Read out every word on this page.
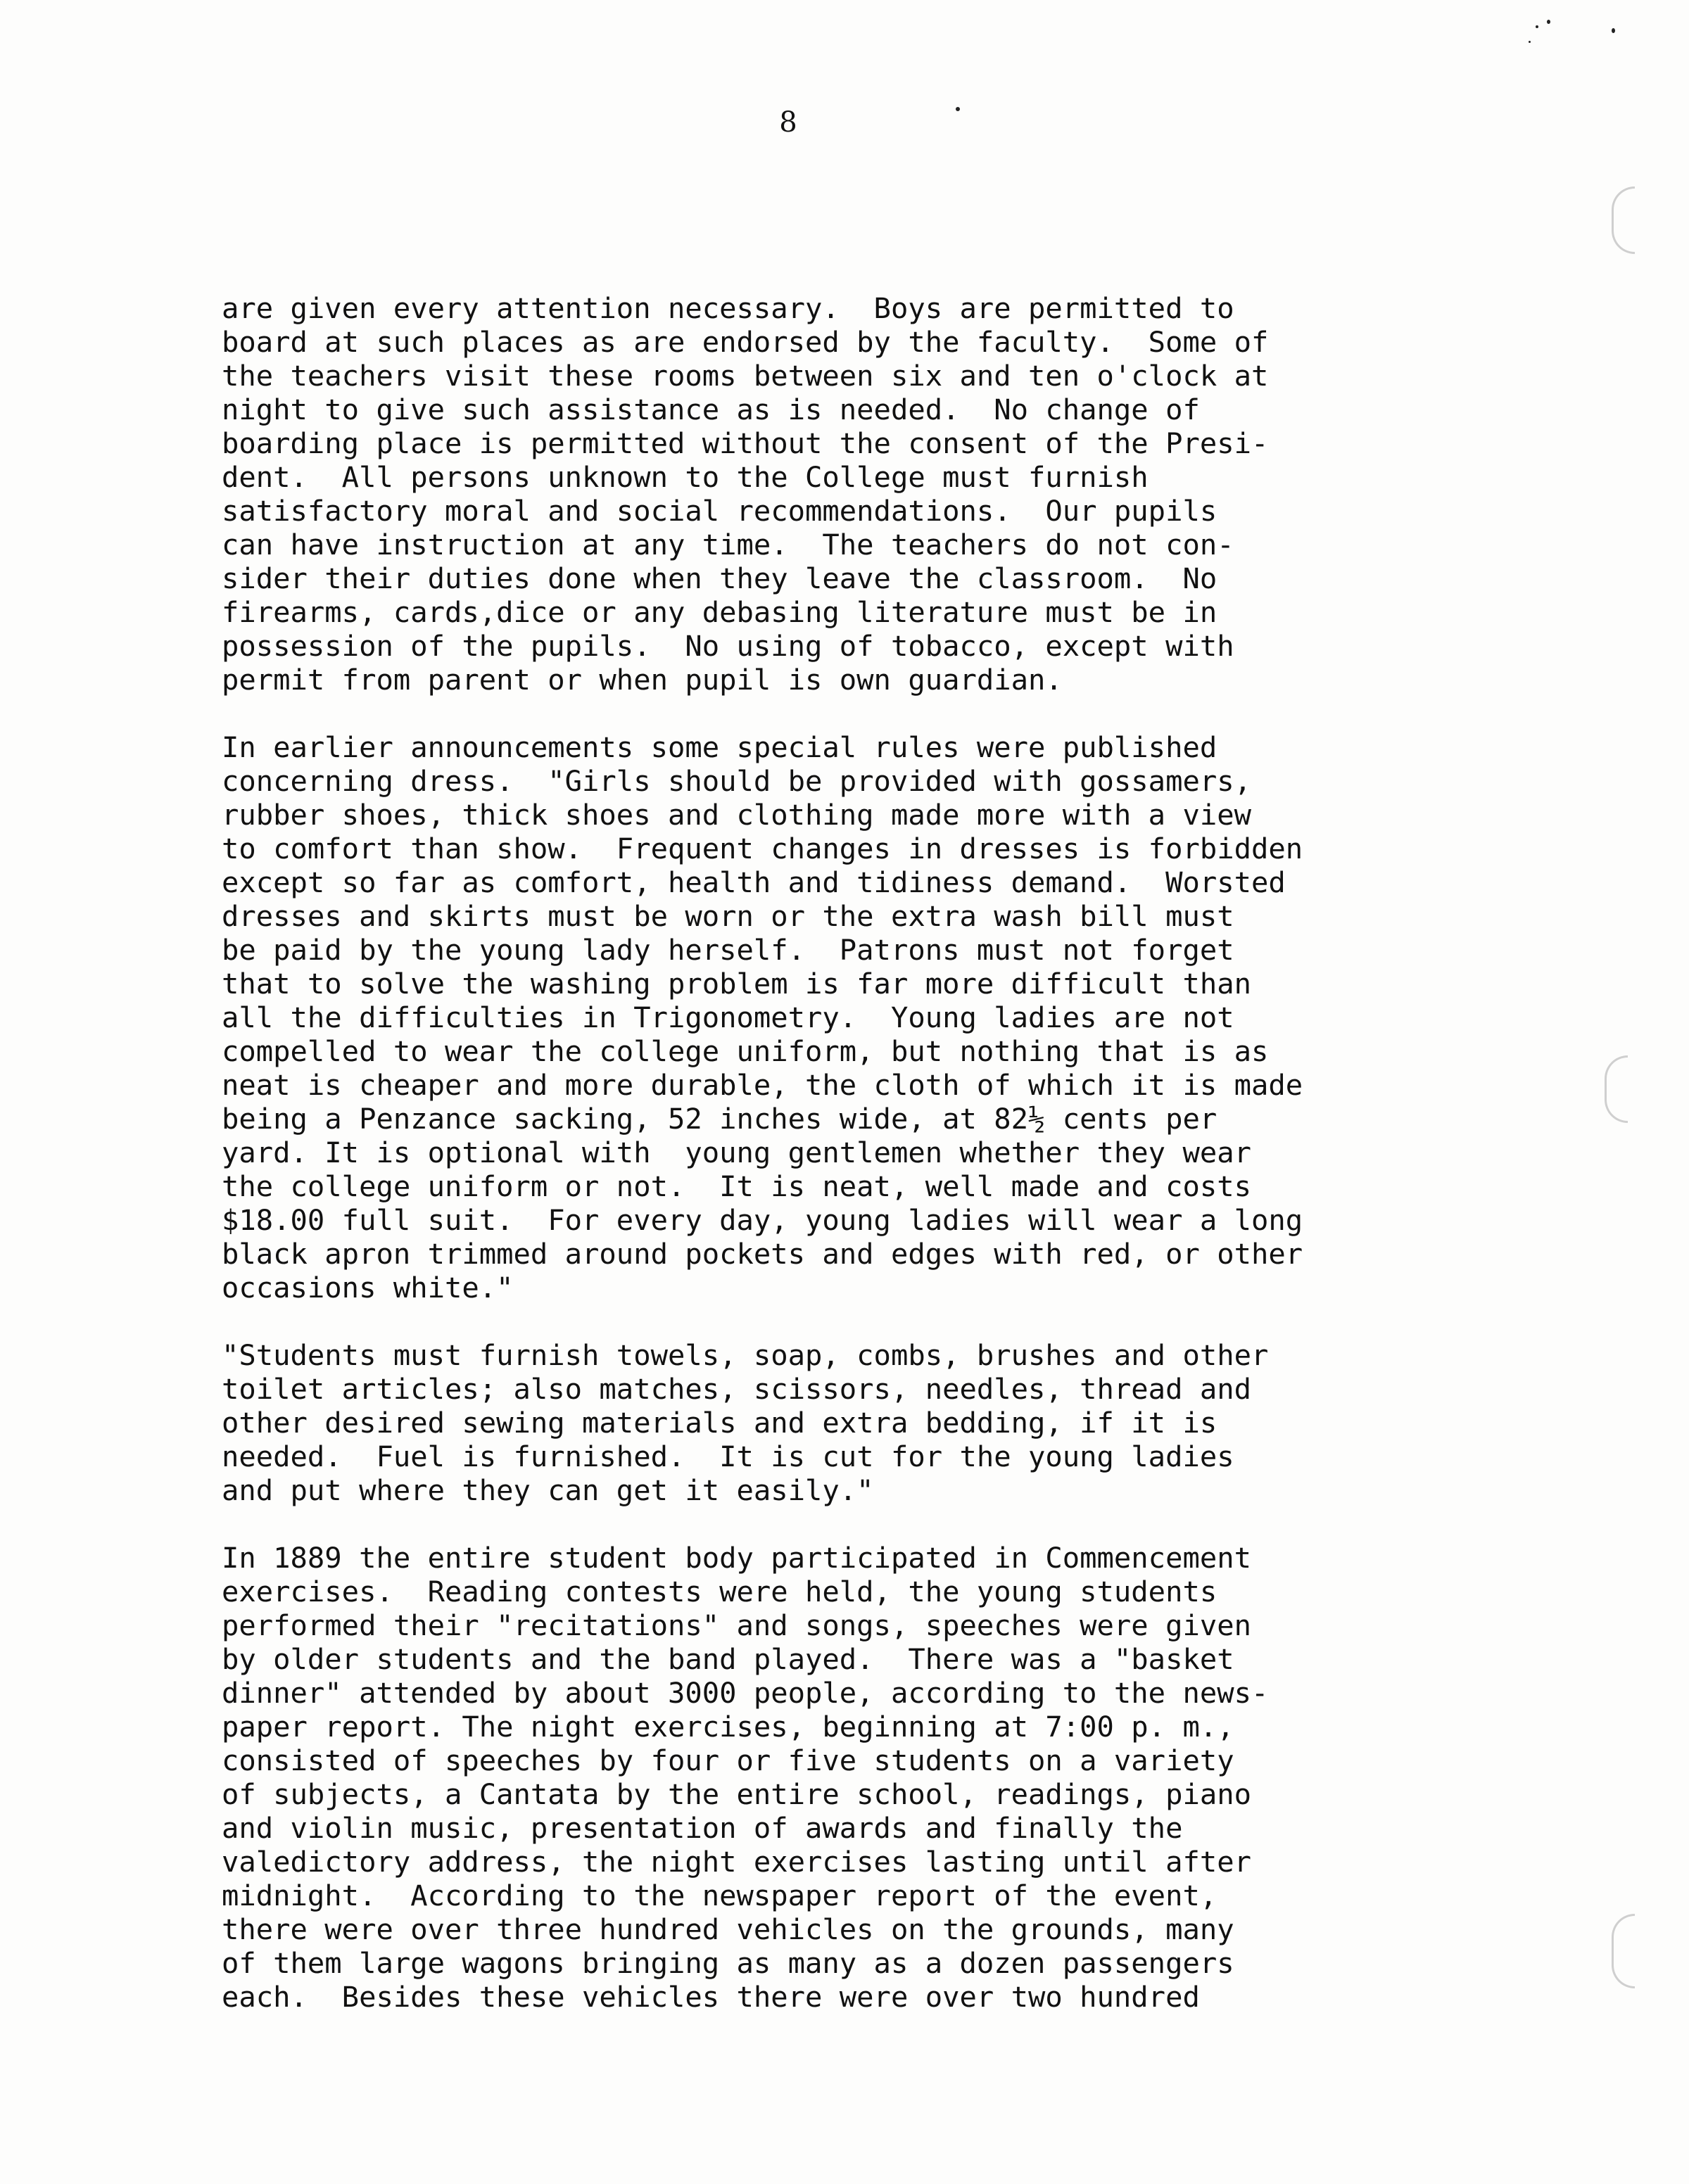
8
are given every attention necessary.  Boys are permitted to
board at such places as are endorsed by the faculty.  Some of
the teachers visit these rooms between six and ten o'clock at
night to give such assistance as is needed.  No change of
boarding place is permitted without the consent of the Presi-
dent.  All persons unknown to the College must furnish
satisfactory moral and social recommendations.  Our pupils
can have instruction at any time.  The teachers do not con-
sider their duties done when they leave the classroom.  No
firearms, cards,dice or any debasing literature must be in
possession of the pupils.  No using of tobacco, except with
permit from parent or when pupil is own guardian.
In earlier announcements some special rules were published
concerning dress.  "Girls should be provided with gossamers,
rubber shoes, thick shoes and clothing made more with a view
to comfort than show.  Frequent changes in dresses is forbidden
except so far as comfort, health and tidiness demand.  Worsted
dresses and skirts must be worn or the extra wash bill must
be paid by the young lady herself.  Patrons must not forget
that to solve the washing problem is far more difficult than
all the difficulties in Trigonometry.  Young ladies are not
compelled to wear the college uniform, but nothing that is as
neat is cheaper and more durable, the cloth of which it is made
being a Penzance sacking, 52 inches wide, at 82½ cents per
yard. It is optional with  young gentlemen whether they wear
the college uniform or not.  It is neat, well made and costs
$18.00 full suit.  For every day, young ladies will wear a long
black apron trimmed around pockets and edges with red, or other
occasions white."
"Students must furnish towels, soap, combs, brushes and other
toilet articles; also matches, scissors, needles, thread and
other desired sewing materials and extra bedding, if it is
needed.  Fuel is furnished.  It is cut for the young ladies
and put where they can get it easily."
In 1889 the entire student body participated in Commencement
exercises.  Reading contests were held, the young students
performed their "recitations" and songs, speeches were given
by older students and the band played.  There was a "basket
dinner" attended by about 3000 people, according to the news-
paper report. The night exercises, beginning at 7:00 p. m.,
consisted of speeches by four or five students on a variety
of subjects, a Cantata by the entire school, readings, piano
and violin music, presentation of awards and finally the
valedictory address, the night exercises lasting until after
midnight.  According to the newspaper report of the event,
there were over three hundred vehicles on the grounds, many
of them large wagons bringing as many as a dozen passengers
each.  Besides these vehicles there were over two hundred
